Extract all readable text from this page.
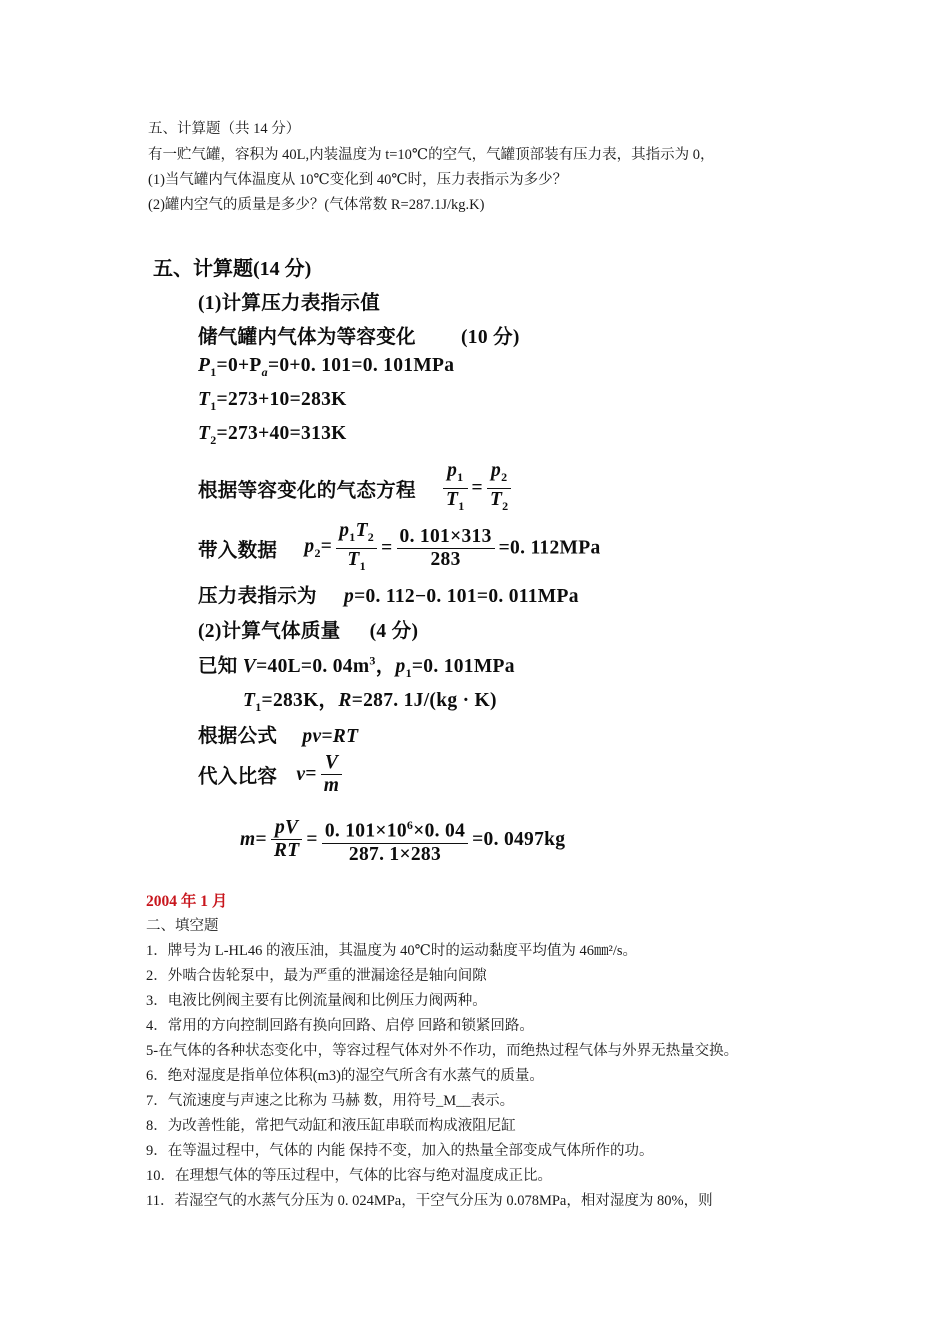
五、计算题（共 14 分）
有一贮气罐，容积为 40L,内装温度为 t=10℃的空气，气罐顶部装有压力表，其指示为 0，
(1)当气罐内气体温度从 10℃变化到 40℃时，压力表指示为多少？
(2)罐内空气的质量是多少？(气体常数 R=287.1J/kg.K)
五、计算题(14 分)
(1)计算压力表指示值
储气罐内气体为等容变化 (10 分)
$P_1=0+P_a=0+0$. 101=0. 101MPa
$T_1=273+10=283K$
$T_2=273+40=313K$
根据等容变化的气态方程 $\frac{p_1}{T_1} = \frac{p_2}{T_2}$
带入数据 $p_2= \frac{p_1T_2}{T_1} = \frac{0. 101\times 313}{283} =0$. 112MPa
压力表指示为 p=0. 112−0. 101=0. 011MPa
(2)计算气体质量 (4 分)
已知 V=40L=0. $04m^3$，$p_1=0$. 101MPa
$T_1=283K$，R=287. 1J/(kg · K)
根据公式 pv=RT
代入比容 $v= \frac{V}{m}$
$m= \frac{pV}{RT} = \frac{0. 101\times 10^6\times 0. 04}{287. 1\times 283} =0$. 0497kg
2004 年 1 月
二、填空题
1．牌号为 L-HL46 的液压油，其温度为 40℃时的运动黏度平均值为 46㎜²/s。
2．外啮合齿轮泵中，最为严重的泄漏途径是轴向间隙
3．电液比例阀主要有比例流量阀和比例压力阀两种。
4．常用的方向控制回路有换向回路、启停 回路和锁紧回路。
5-在气体的各种状态变化中，等容过程气体对外不作功，而绝热过程气体与外界无热量交换。
6．绝对湿度是指单位体积(m3)的湿空气所含有水蒸气的质量。
7．气流速度与声速之比称为 马赫 数，用符号_M__表示。
8．为改善性能，常把气动缸和液压缸串联而构成液阻尼缸
9．在等温过程中，气体的 内能 保持不变，加入的热量全部变成气体所作的功。
10．在理想气体的等压过程中，气体的比容与绝对温度成正比。
11．若湿空气的水蒸气分压为 0. 024MPa，干空气分压为 0.078MPa，相对湿度为 80%，则
